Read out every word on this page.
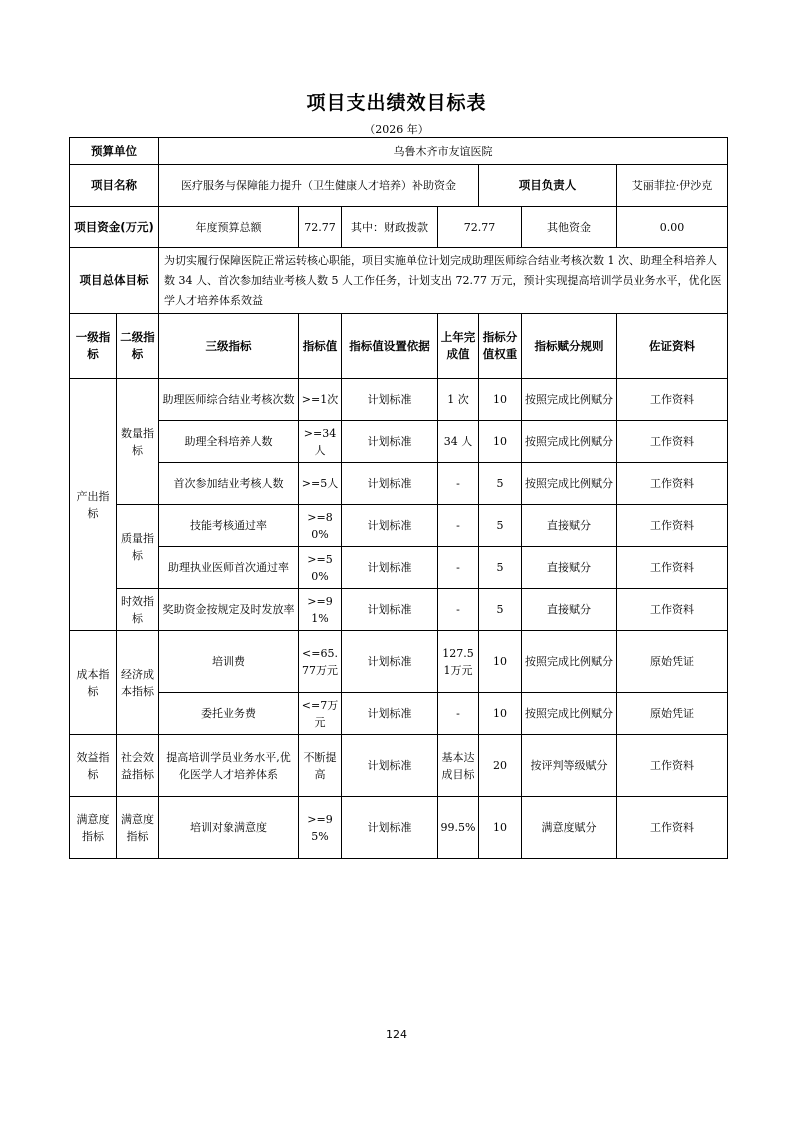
项目支出绩效目标表
（2026 年）
预算单位		乌鲁木齐市友谊医院						
项目名称		医疗服务与保障能力提升（卫生健康人才培养）补助资金				项目负责人		艾丽菲拉·伊沙克
项目资金(万元)		年度预算总额	72.77	其中：财政拨款	72.77		其他资金	0.00
项目总体目标		为切实履行保障医院正常运转核心职能，项目实施单位计划完成助理医师综合结业考核次数 1 次、助理全科培养人数 34 人、首次参加结业考核人数 5 人工作任务，计划支出 72.77 万元，预计实现提高培训学员业务水平，优化医学人才培养体系效益						
一级指标	二级指标	三级指标	指标值	指标值设置依据	上年完成值	指标分值权重	指标赋分规则	佐证资料
产出指标	数量指标	助理医师综合结业考核次数	>=1次	计划标准	1 次	10	按照完成比例赋分	工作资料
		助理全科培养人数	>=34人	计划标准	34 人	10	按照完成比例赋分	工作资料
		首次参加结业考核人数	>=5人	计划标准	-	5	按照完成比例赋分	工作资料
	质量指标	技能考核通过率	>=80%	计划标准	-	5	直接赋分	工作资料
		助理执业医师首次通过率	>=50%	计划标准	-	5	直接赋分	工作资料
	时效指标	奖助资金按规定及时发放率	>=91%	计划标准	-	5	直接赋分	工作资料
成本指标	经济成本指标	培训费	<=65.77万元	计划标准	127.51万元	10	按照完成比例赋分	原始凭证
		委托业务费	<=7万元	计划标准	-	10	按照完成比例赋分	原始凭证
效益指标	社会效益指标	提高培训学员业务水平,优化医学人才培养体系	不断提高	计划标准	基本达成目标	20	按评判等级赋分	工作资料
满意度指标	满意度指标	培训对象满意度	>=95%	计划标准	99.5%	10	满意度赋分	工作资料
124
